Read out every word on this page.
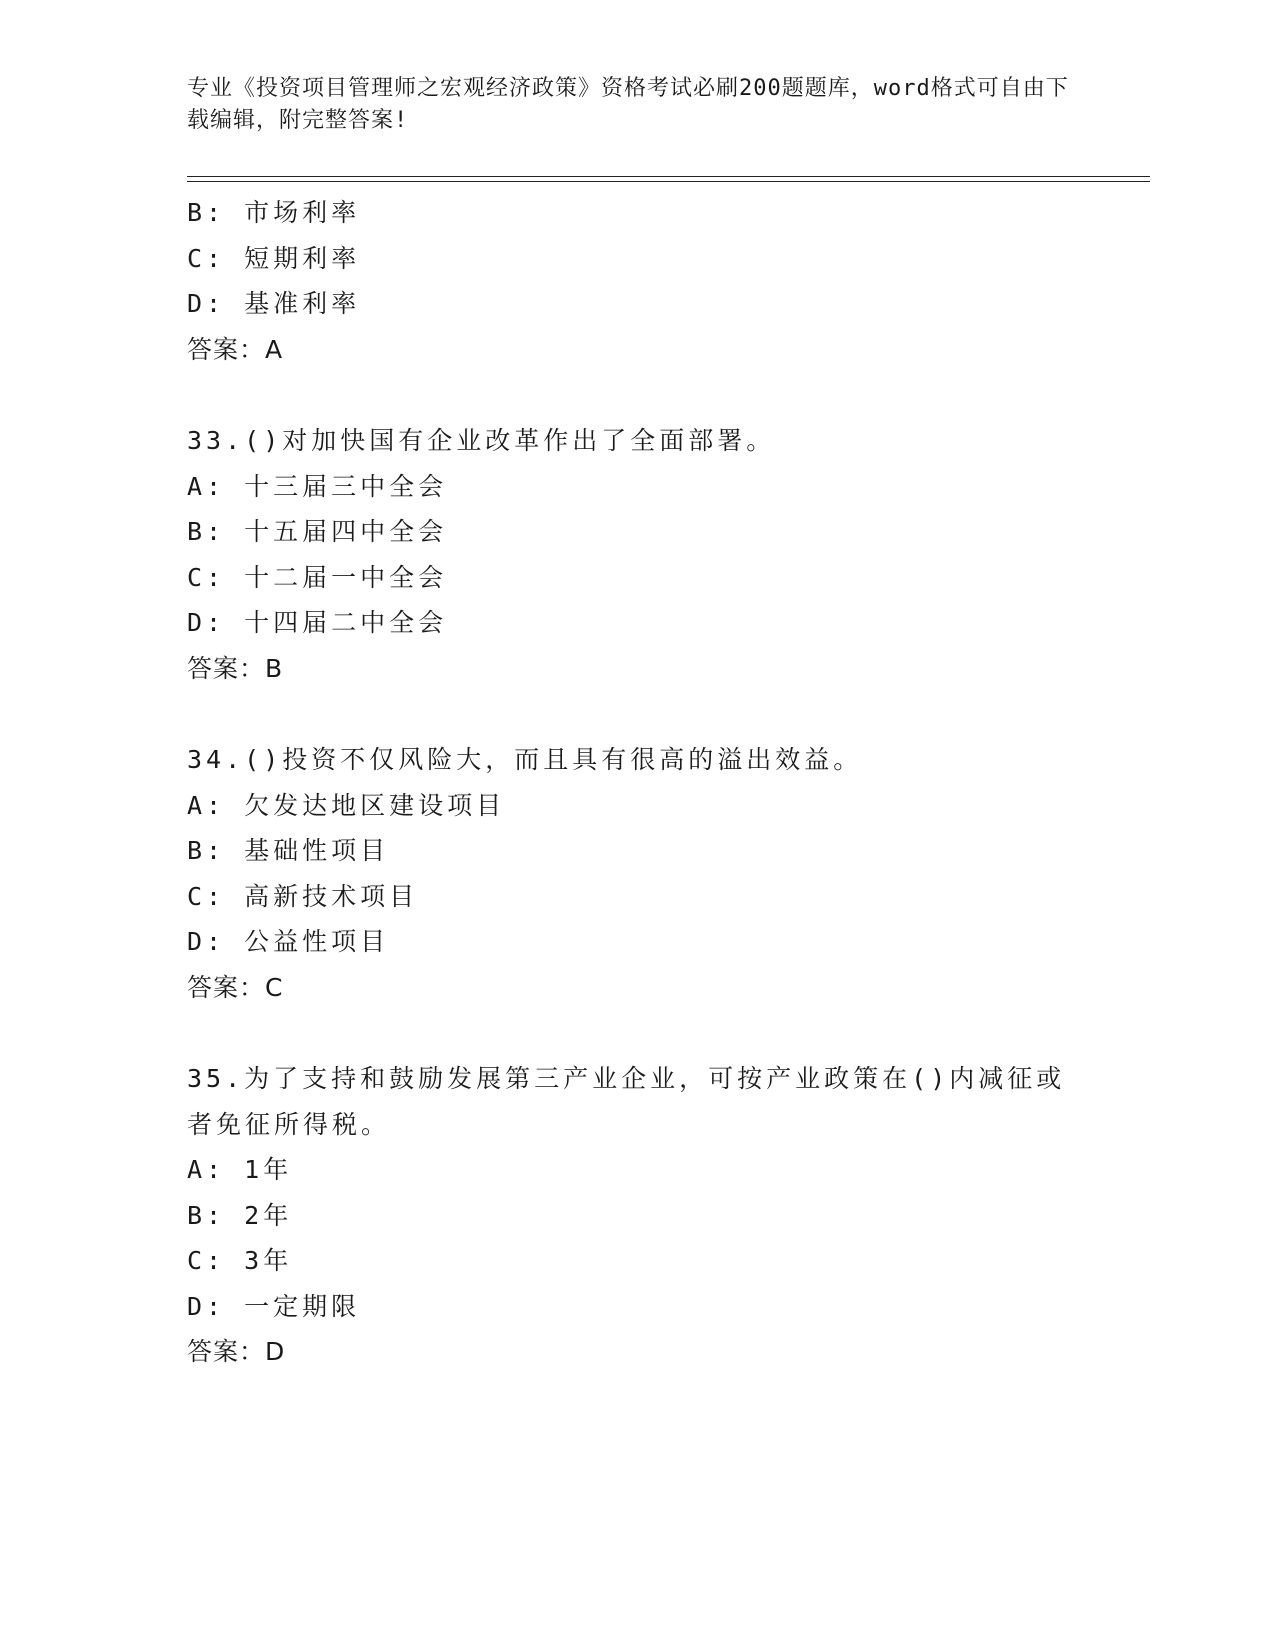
专业《投资项目管理师之宏观经济政策》资格考试必刷200题题库，word格式可自由下载编辑，附完整答案!
B: 市场利率
C: 短期利率
D: 基准利率
答案：A
33.()对加快国有企业改革作出了全面部署。
A: 十三届三中全会
B: 十五届四中全会
C: 十二届一中全会
D: 十四届二中全会
答案：B
34.()投资不仅风险大，而且具有很高的溢出效益。
A: 欠发达地区建设项目
B: 基础性项目
C: 高新技术项目
D: 公益性项目
答案：C
35.为了支持和鼓励发展第三产业企业，可按产业政策在()内减征或者免征所得税。
A: 1年
B: 2年
C: 3年
D: 一定期限
答案：D
